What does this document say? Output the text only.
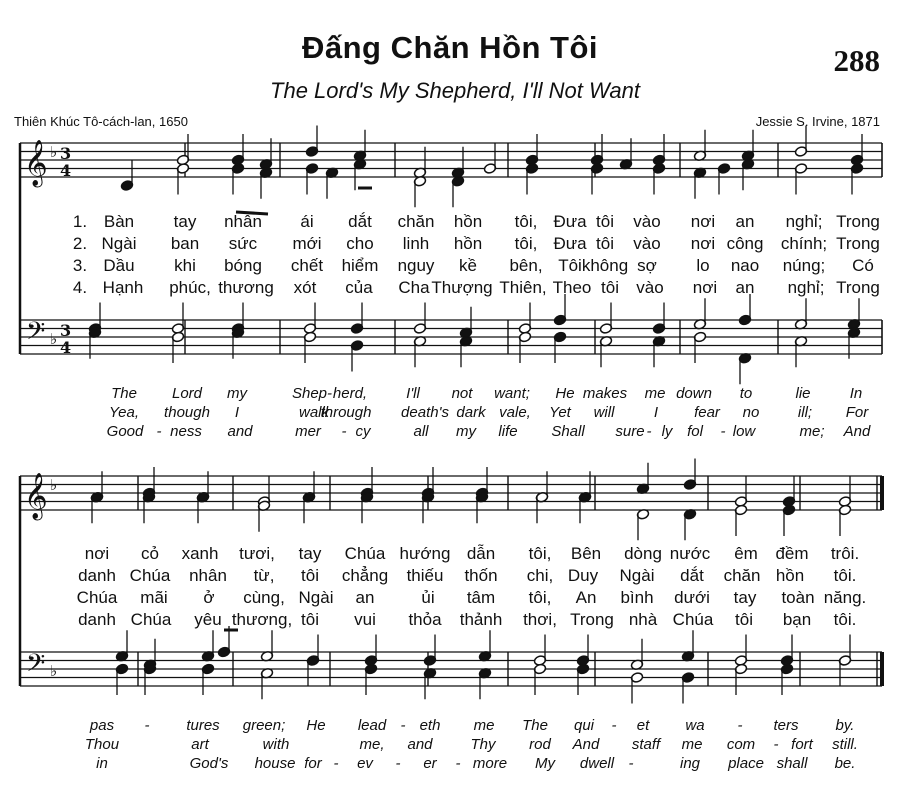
Đấng Chăn Hồn Tôi
The Lord's My Shepherd, I'll Not Want
288
Thiên Khúc Tô-cách-lan, 1650	Jessie S. Irvine, 1871
𝄞
𝄢
♭
♭
3
4
3
4
𝄞
𝄢
♭
♭
1. Bàn tay nhân ái dắt chăn hồn tôi, Đưa tôi vào nơi an nghỉ; Trong
2. Ngài ban sức mới cho linh hồn tôi, Đưa tôi vào nơi công chính; Trong
3. Dầu khi bóng chết hiểm nguy kề bên, Tôi không sợ lo nao núng; Có
4. Hạnh phúc, thương xót của Cha Thượng Thiên, Theo tôi vào nơi an nghỉ; Trong
The Lord my	Shep- herd,	I'll not want; He makes me down to	lie	In
Yea, though I	walk
through death's dark vale, Yet will	I fear no	ill; For
Good - ness and	mer - cy	all my life Shall sure - ly fol - low	me; And
nơi cỏ xanh tươi, tay Chúa hướng dẫn tôi, Bên dòng nước êm đềm trôi.
danh Chúa nhân từ, tôi chẳng thiếu thốn chi, Duy Ngài dắt chăn hồn tôi.
Chúa mãi ở cùng, Ngài an	ủi tâm tôi, An bình dưới tay toàn năng.
danh Chúa yêu thương, tôi vui thỏa thảnh thơi, Trong nhà Chúa tôi bạn tôi.
pas - tures green; He lead - eth me The qui - et wa - ters by.
Thou	art	with	me, and	Thy rod And staff me com - fort still.
in	God's house for - ev - er - more My dwell -	ing place shall be.
